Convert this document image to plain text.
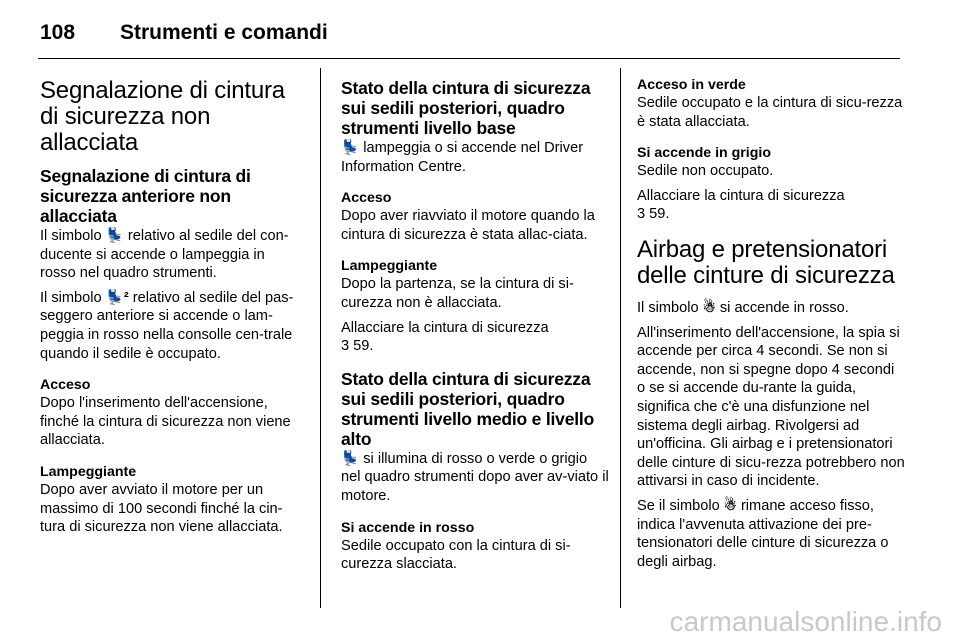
108 Strumenti e comandi
Segnalazione di cintura di sicurezza non allacciata
Segnalazione di cintura di sicurezza anteriore non allacciata

Il simbolo 💺 relativo al sedile del con-ducente si accende o lampeggia in rosso nel quadro strumenti.

Il simbolo 💺² relativo al sedile del pas-seggero anteriore si accende o lam-peggia in rosso nella consolle cen-trale quando il sedile è occupato.

Acceso

Dopo l'inserimento dell'accensione, finché la cintura di sicurezza non viene allacciata.

Lampeggiante

Dopo aver avviato il motore per un massimo di 100 secondi finché la cin-tura di sicurezza non viene allacciata.

Stato della cintura di sicurezza sui sedili posteriori, quadro strumenti livello base

💺 lampeggia o si accende nel Driver Information Centre.

Acceso

Dopo aver riavviato il motore quando la cintura di sicurezza è stata allac-ciata.

Lampeggiante

Dopo la partenza, se la cintura di si-curezza non è allacciata.

Allacciare la cintura di sicurezza

3 59.

Stato della cintura di sicurezza sui sedili posteriori, quadro strumenti livello medio e livello alto

💺 si illumina di rosso o verde o grigio nel quadro strumenti dopo aver av-viato il motore.

Si accende in rosso

Sedile occupato con la cintura di si-curezza slacciata.

Acceso in verde

Sedile occupato e la cintura di sicu-rezza è stata allacciata.

Si accende in grigio

Sedile non occupato.

Allacciare la cintura di sicurezza

3 59.

Airbag e pretensionatori delle cinture di sicurezza

Il simbolo ☃ si accende in rosso.

All'inserimento dell'accensione, la spia si accende per circa 4 secondi. Se non si accende, non si spegne dopo 4 secondi o se si accende du-rante la guida, significa che c'è una disfunzione nel sistema degli airbag. Rivolgersi ad un'officina. Gli airbag e i pretensionatori delle cinture di sicu-rezza potrebbero non attivarsi in caso di incidente.

Se il simbolo ☃ rimane acceso fisso, indica l'avvenuta attivazione dei pre-tensionatori delle cinture di sicurezza o degli airbag.

carmanualsonline.info
